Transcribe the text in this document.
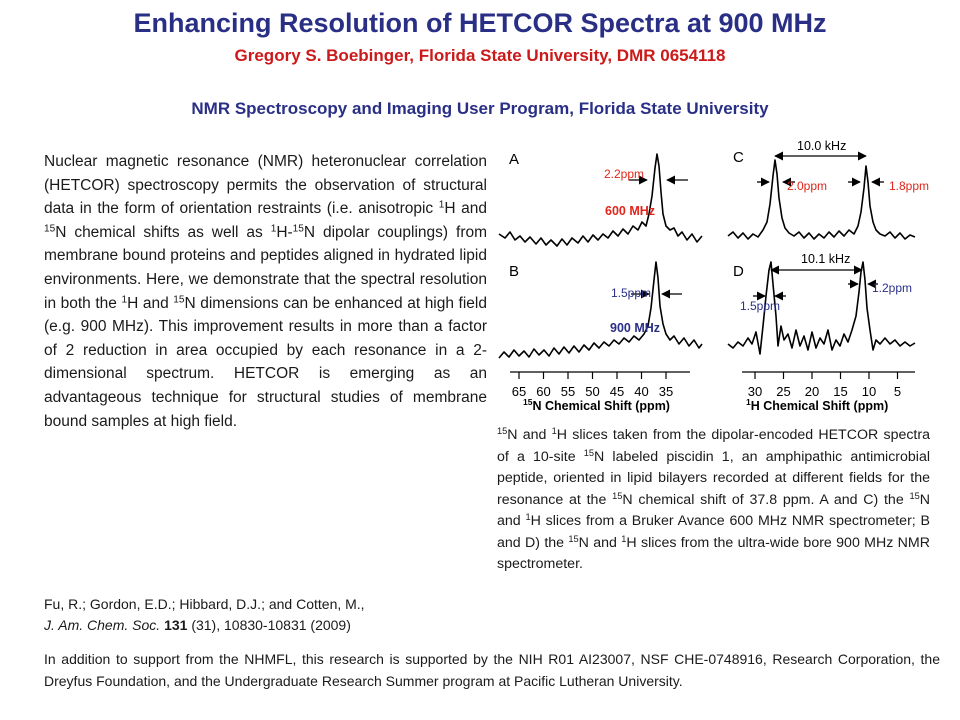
Enhancing Resolution of HETCOR Spectra at 900 MHz
Gregory S. Boebinger, Florida State University, DMR 0654118
NMR Spectroscopy and Imaging User Program, Florida State University
Nuclear magnetic resonance (NMR) heteronuclear correlation (HETCOR) spectroscopy permits the observation of structural data in the form of orientation restraints (i.e. anisotropic $^1$H and $^{15}$N chemical shifts as well as $^1$H-$^{15}$N dipolar couplings) from membrane bound proteins and peptides aligned in hydrated lipid environments. Here, we demonstrate that the spectral resolution in both the $^1$H and $^{15}$N dimensions can be enhanced at high field (e.g. 900 MHz). This improvement results in more than a factor of 2 reduction in area occupied by each resonance in a 2-dimensional spectrum. HETCOR is emerging as an advantageous technique for structural studies of membrane bound samples at high field.
Fu, R.; Gordon, E.D.; Hibbard, D.J.; and Cotten, M.,
J. Am. Chem. Soc. 131 (31), 10830-10831 (2009)
$^{15}$N and $^1$H slices taken from the dipolar-encoded HETCOR spectra of a 10-site $^{15}$N labeled piscidin 1, an amphipathic antimicrobial peptide, oriented in lipid bilayers recorded at different fields for the resonance at the $^{15}$N chemical shift of 37.8 ppm. A and C) the $^{15}$N and $^1$H slices from a Bruker Avance 600 MHz NMR spectrometer; B and D) the $^{15}$N and $^1$H slices from the ultra-wide bore 900 MHz NMR spectrometer.
In addition to support from the NHMFL, this research is supported by the NIH R01 AI23007, NSF CHE-0748916, Research Corporation, the Dreyfus Foundation, and the Undergraduate Research Summer program at Pacific Lutheran University.
A
B
C
D
2.2ppm
600 MHz
1.5ppm
900 MHz
65 60 55 50 45 40 35
$^{15}$N Chemical Shift (ppm)
10.0 kHz
2.0ppm	1.8ppm
10.1 kHz
1.5ppm
1.2ppm
30 25 20 15 10 5
$^1$H Chemical Shift (ppm)
